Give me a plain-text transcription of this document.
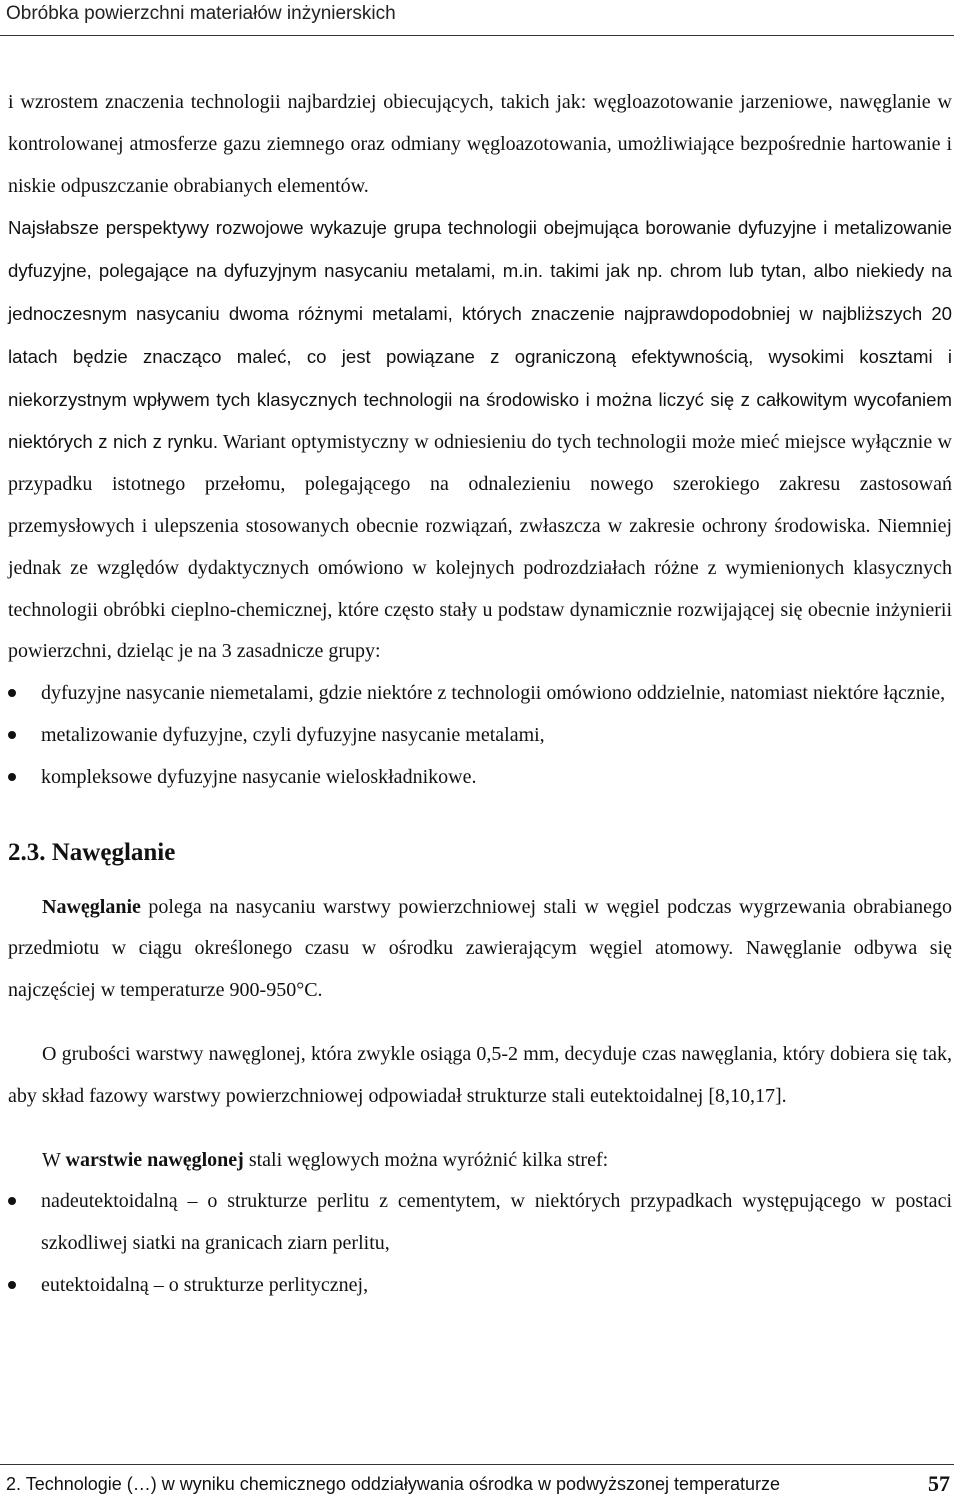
Obróbka powierzchni materiałów inżynierskich

i wzrostem znaczenia technologii najbardziej obiecujących, takich jak: węgloazotowanie jarzeniowe, nawęglanie w kontrolowanej atmosferze gazu ziemnego oraz odmiany węgloazotowania, umożliwiające bezpośrednie hartowanie i niskie odpuszczanie obrabianych elementów.

Najsłabsze perspektywy rozwojowe wykazuje grupa technologii obejmująca borowanie dyfuzyjne i metalizowanie dyfuzyjne, polegające na dyfuzyjnym nasycaniu metalami, m.in. takimi jak np. chrom lub tytan, albo niekiedy na jednoczesnym nasycaniu dwoma różnymi metalami, których znaczenie najprawdopodobniej w najbliższych 20 latach będzie znacząco maleć, co jest powiązane z ograniczoną efektywnością, wysokimi kosztami i niekorzystnym wpływem tych klasycznych technologii na środowisko i można liczyć się z całkowitym wycofaniem niektórych z nich z rynku. Wariant optymistyczny w odniesieniu do tych technologii może mieć miejsce wyłącznie w przypadku istotnego przełomu, polegającego na odnalezieniu nowego szerokiego zakresu zastosowań przemysłowych i ulepszenia stosowanych obecnie rozwiązań, zwłaszcza w zakresie ochrony środowiska. Niemniej jednak ze względów dydaktycznych omówiono w kolejnych podrozdziałach różne z wymienionych klasycznych technologii obróbki cieplno-chemicznej, które często stały u podstaw dynamicznie rozwijającej się obecnie inżynierii powierzchni, dzieląc je na 3 zasadnicze grupy:

dyfuzyjne nasycanie niemetalami, gdzie niektóre z technologii omówiono oddzielnie, natomiast niektóre łącznie,
metalizowanie dyfuzyjne, czyli dyfuzyjne nasycanie metalami,
kompleksowe dyfuzyjne nasycanie wieloskładnikowe.
2.3. Nawęglanie

Nawęglanie polega na nasycaniu warstwy powierzchniowej stali w węgiel podczas wygrzewania obrabianego przedmiotu w ciągu określonego czasu w ośrodku zawierającym węgiel atomowy. Nawęglanie odbywa się najczęściej w temperaturze 900-950°C.

O grubości warstwy nawęglonej, która zwykle osiąga 0,5-2 mm, decyduje czas nawęglania, który dobiera się tak, aby skład fazowy warstwy powierzchniowej odpowiadał strukturze stali eutektoidalnej [8,10,17].

W warstwie nawęglonej stali węglowych można wyróżnić kilka stref:

nadeutektoidalną – o strukturze perlitu z cementytem, w niektórych przypadkach występującego w postaci szkodliwej siatki na granicach ziarn perlitu,
eutektoidalną – o strukturze perlitycznej,
2. Technologie (…) w wyniku chemicznego oddziaływania ośrodka w podwyższonej temperaturze	57
